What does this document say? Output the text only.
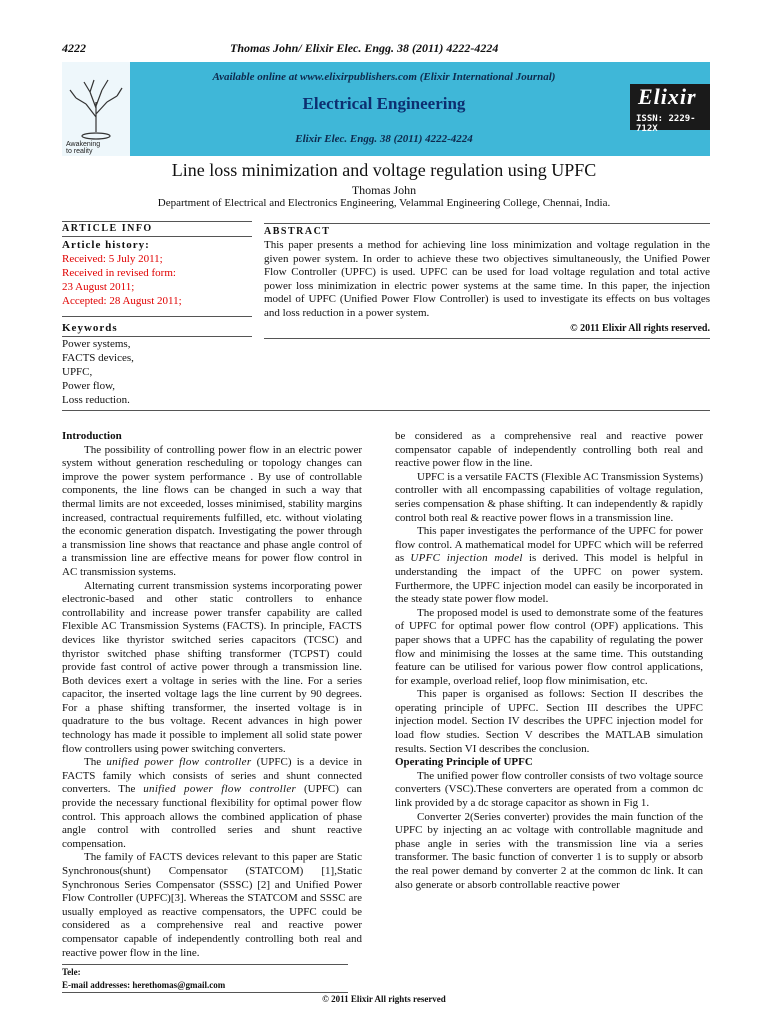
4222	Thomas John/ Elixir Elec. Engg. 38 (2011) 4222-4224
Awakening
to reality
Available online at www.elixirpublishers.com (Elixir International Journal)
Electrical Engineering
Elixir Elec. Engg. 38 (2011) 4222-4224
Elixir
ISSN: 2229-712X
Line loss minimization and voltage regulation using UPFC
Thomas John
Department of Electrical and Electronics Engineering, Velammal Engineering College, Chennai, India.
ARTICLE INFO
Article history:
Received: 5 July 2011;
Received in revised form:
23 August 2011;
Accepted: 28 August 2011;
Keywords
Power systems,
FACTS devices,
UPFC,
Power flow,
Loss reduction.
ABSTRACT
This paper presents a method for achieving line loss minimization and voltage regulation in the given power system. In order to achieve these two objectives simultaneously, the Unified Power Flow Controller (UPFC) is used. UPFC can be used for load voltage regulation and total active power loss minimization in electric power systems at the same time. In this paper, the injection model of UPFC (Unified Power Flow Controller) is used to investigate its effects on bus voltages and loss reduction in a power system.
© 2011 Elixir All rights reserved.
Introduction

The possibility of controlling power flow in an electric power system without generation rescheduling or topology changes can improve the power system performance . By use of controllable components, the line flows can be changed in such a way that thermal limits are not exceeded, losses minimised, stability margins increased, contractual requirements fulfilled, etc. without violating the economic generation dispatch. Investigating the power through a transmission line shows that reactance and phase angle control of a transmission line are effective means for power flow control in AC transmission systems.

Alternating current transmission systems incorporating power electronic-based and other static controllers to enhance controllability and increase power transfer capability are called Flexible AC Transmission Systems (FACTS). In principle, FACTS devices like thyristor switched series capacitors (TCSC) and thyristor switched phase shifting transformer (TCPST) could provide fast control of active power through a transmission line. Both devices exert a voltage in series with the line. For a series capacitor, the inserted voltage lags the line current by 90 degrees. For a phase shifting transformer, the inserted voltage is in quadrature to the bus voltage. Recent advances in high power technology has made it possible to implement all solid state power flow controllers using power switching converters.

The unified power flow controller (UPFC) is a device in FACTS family which consists of series and shunt connected converters. The unified power flow controller (UPFC) can provide the necessary functional flexibility for optimal power flow control. This approach allows the combined application of phase angle control with controlled series and shunt reactive compensation.

The family of FACTS devices relevant to this paper are Static Synchronous(shunt) Compensator (STATCOM) [1],Static Synchronous Series Compensator (SSSC) [2] and Unified Power Flow Controller (UPFC)[3]. Whereas the STATCOM and SSSC are usually employed as reactive compensators, the UPFC could be considered as a comprehensive real and reactive power compensator capable of independently controlling both real and reactive power flow in the line.

be considered as a comprehensive real and reactive power compensator capable of independently controlling both real and reactive power flow in the line.

UPFC is a versatile FACTS (Flexible AC Transmission Systems) controller with all encompassing capabilities of voltage regulation, series compensation & phase shifting. It can independently & rapidly control both real & reactive power flows in a transmission line.

This paper investigates the performance of the UPFC for power flow control. A mathematical model for UPFC which will be referred as UPFC injection model is derived. This model is helpful in understanding the impact of the UPFC on power system. Furthermore, the UPFC injection model can easily be incorporated in the steady state power flow model.

The proposed model is used to demonstrate some of the features of UPFC for optimal power flow control (OPF) applications. This paper shows that a UPFC has the capability of regulating the power flow and minimising the losses at the same time. This outstanding feature can be utilised for various power flow control applications, for example, overload relief, loop flow minimisation, etc.

This paper is organised as follows: Section II describes the operating principle of UPFC. Section III describes the UPFC injection model. Section IV describes the UPFC injection model for load flow studies. Section V describes the MATLAB simulation results. Section VI describes the conclusion.

Operating Principle of UPFC

The unified power flow controller consists of two voltage source converters (VSC).These converters are operated from a common dc link provided by a dc storage capacitor as shown in Fig 1.

Converter 2(Series converter) provides the main function of the UPFC by injecting an ac voltage with controllable magnitude and phase angle in series with the transmission line via a series transformer. The basic function of converter 1 is to supply or absorb the real power demand by converter 2 at the common dc link. It can also generate or absorb controllable reactive power

Tele:
E-mail addresses: herethomas@gmail.com
© 2011 Elixir All rights reserved
